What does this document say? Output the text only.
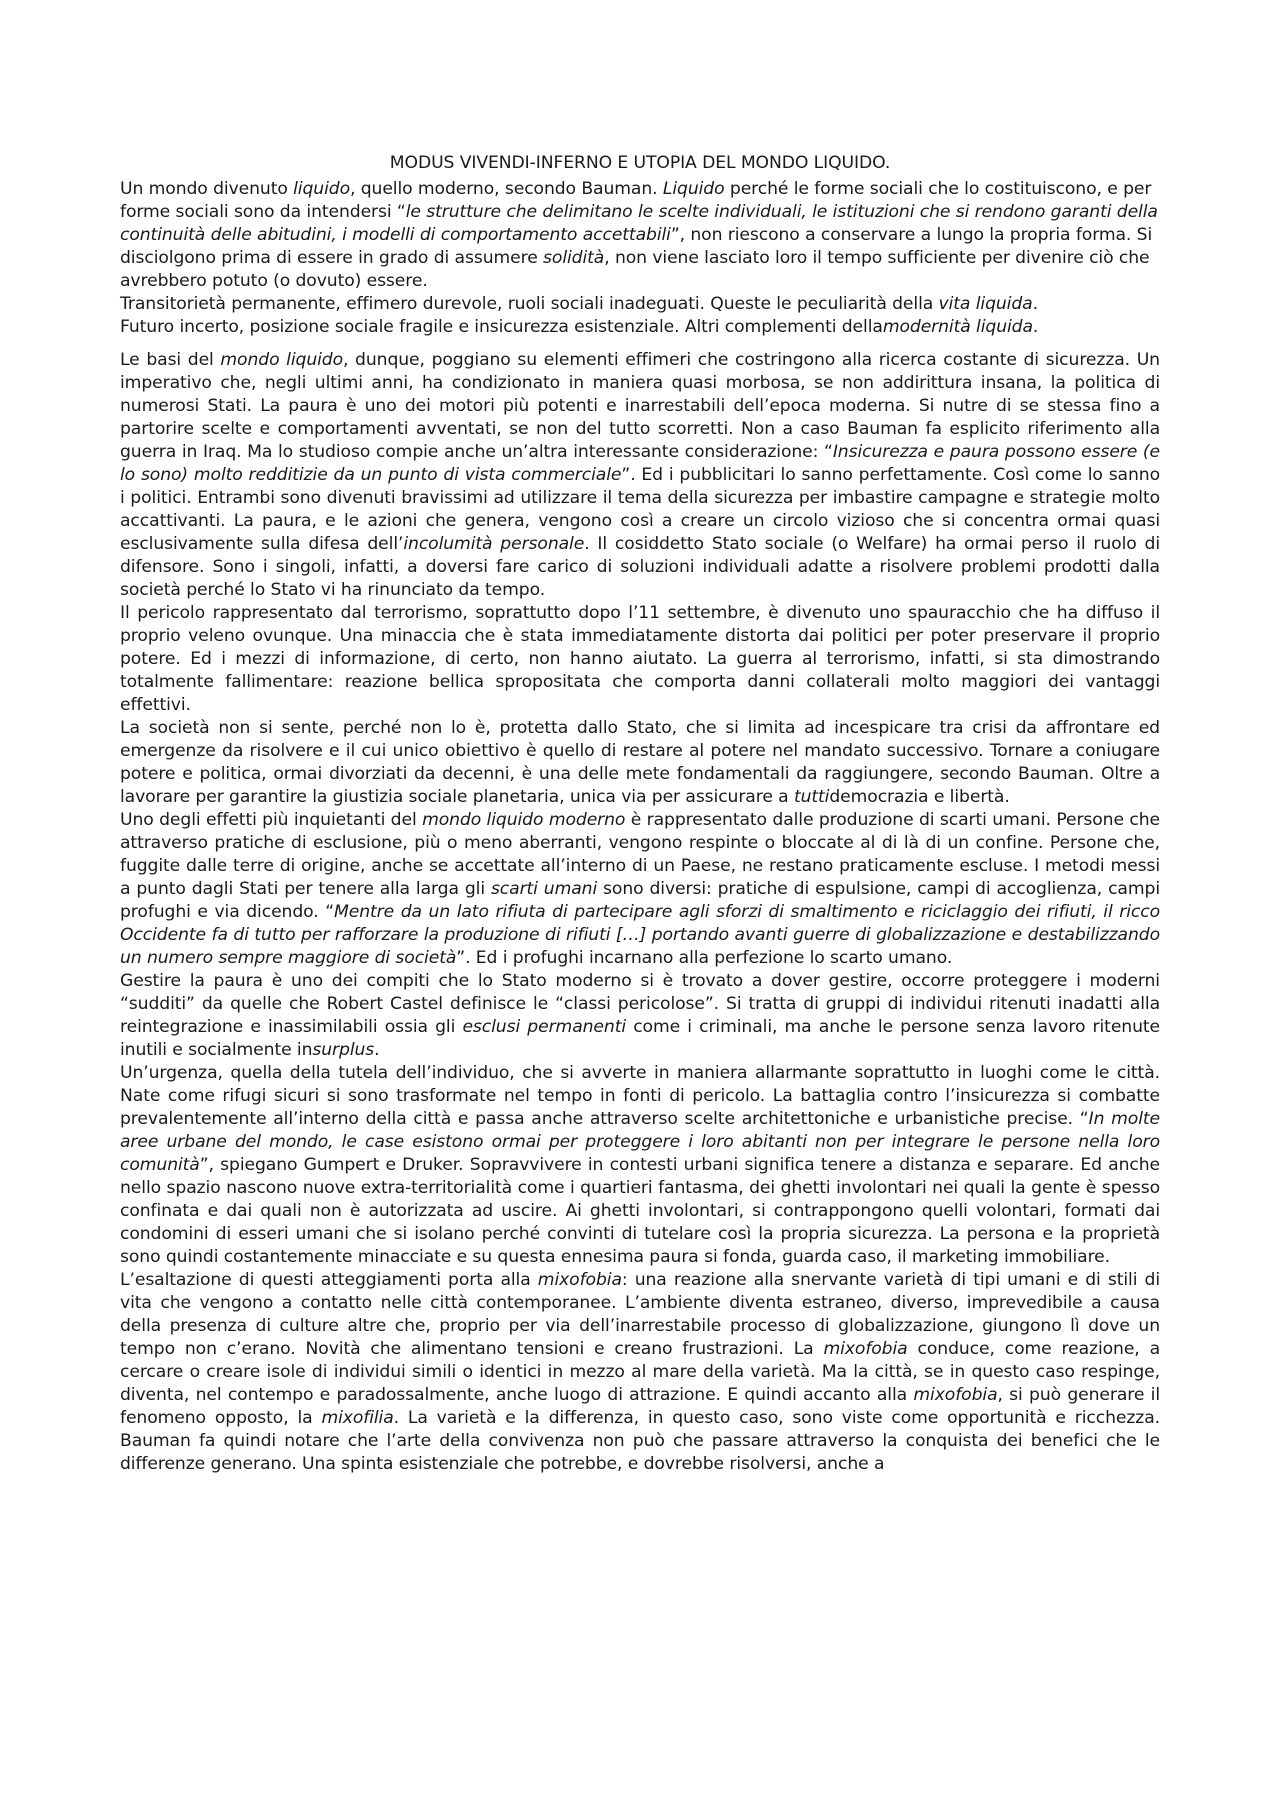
MODUS VIVENDI-INFERNO E UTOPIA DEL MONDO LIQUIDO.

Un mondo divenuto liquido, quello moderno, secondo Bauman. Liquido perché le forme sociali che lo costituiscono, e per forme sociali sono da intendersi “le strutture che delimitano le scelte individuali, le istituzioni che si rendono garanti della continuità delle abitudini, i modelli di comportamento accettabili”, non riescono a conservare a lungo la propria forma. Si disciolgono prima di essere in grado di assumere solidità, non viene lasciato loro il tempo sufficiente per divenire ciò che avrebbero potuto (o dovuto) essere.

Transitorietà permanente, effimero durevole, ruoli sociali inadeguati. Queste le peculiarità della vita liquida.

Futuro incerto, posizione sociale fragile e insicurezza esistenziale. Altri complementi dellamodernità liquida.

Le basi del mondo liquido, dunque, poggiano su elementi effimeri che costringono alla ricerca costante di sicurezza. Un imperativo che, negli ultimi anni, ha condizionato in maniera quasi morbosa, se non addirittura insana, la politica di numerosi Stati. La paura è uno dei motori più potenti e inarrestabili dell’epoca moderna. Si nutre di se stessa fino a partorire scelte e comportamenti avventati, se non del tutto scorretti. Non a caso Bauman fa esplicito riferimento alla guerra in Iraq. Ma lo studioso compie anche un’altra interessante considerazione: “Insicurezza e paura possono essere (e lo sono) molto redditizie da un punto di vista commerciale”. Ed i pubblicitari lo sanno perfettamente. Così come lo sanno i politici. Entrambi sono divenuti bravissimi ad utilizzare il tema della sicurezza per imbastire campagne e strategie molto accattivanti. La paura, e le azioni che genera, vengono così a creare un circolo vizioso che si concentra ormai quasi esclusivamente sulla difesa dell’incolumità personale. Il cosiddetto Stato sociale (o Welfare) ha ormai perso il ruolo di difensore. Sono i singoli, infatti, a doversi fare carico di soluzioni individuali adatte a risolvere problemi prodotti dalla società perché lo Stato vi ha rinunciato da tempo.

Il pericolo rappresentato dal terrorismo, soprattutto dopo l’11 settembre, è divenuto uno spauracchio che ha diffuso il proprio veleno ovunque. Una minaccia che è stata immediatamente distorta dai politici per poter preservare il proprio potere. Ed i mezzi di informazione, di certo, non hanno aiutato. La guerra al terrorismo, infatti, si sta dimostrando totalmente fallimentare: reazione bellica spropositata che comporta danni collaterali molto maggiori dei vantaggi effettivi.

La società non si sente, perché non lo è, protetta dallo Stato, che si limita ad incespicare tra crisi da affrontare ed emergenze da risolvere e il cui unico obiettivo è quello di restare al potere nel mandato successivo. Tornare a coniugare potere e politica, ormai divorziati da decenni, è una delle mete fondamentali da raggiungere, secondo Bauman. Oltre a lavorare per garantire la giustizia sociale planetaria, unica via per assicurare a tuttidemocrazia e libertà.

Uno degli effetti più inquietanti del mondo liquido moderno è rappresentato dalle produzione di scarti umani. Persone che attraverso pratiche di esclusione, più o meno aberranti, vengono respinte o bloccate al di là di un confine. Persone che, fuggite dalle terre di origine, anche se accettate all’interno di un Paese, ne restano praticamente escluse. I metodi messi a punto dagli Stati per tenere alla larga gli scarti umani sono diversi: pratiche di espulsione, campi di accoglienza, campi profughi e via dicendo. “Mentre da un lato rifiuta di partecipare agli sforzi di smaltimento e riciclaggio dei rifiuti, il ricco Occidente fa di tutto per rafforzare la produzione di rifiuti […] portando avanti guerre di globalizzazione e destabilizzando un numero sempre maggiore di società”. Ed i profughi incarnano alla perfezione lo scarto umano.

Gestire la paura è uno dei compiti che lo Stato moderno si è trovato a dover gestire, occorre proteggere i moderni “sudditi” da quelle che Robert Castel definisce le “classi pericolose”. Si tratta di gruppi di individui ritenuti inadatti alla reintegrazione e inassimilabili ossia gli esclusi permanenti come i criminali, ma anche le persone senza lavoro ritenute inutili e socialmente insurplus.

Un’urgenza, quella della tutela dell’individuo, che si avverte in maniera allarmante soprattutto in luoghi come le città. Nate come rifugi sicuri si sono trasformate nel tempo in fonti di pericolo. La battaglia contro l’insicurezza si combatte prevalentemente all’interno della città e passa anche attraverso scelte architettoniche e urbanistiche precise. “In molte aree urbane del mondo, le case esistono ormai per proteggere i loro abitanti non per integrare le persone nella loro comunità”, spiegano Gumpert e Druker. Sopravvivere in contesti urbani significa tenere a distanza e separare. Ed anche nello spazio nascono nuove extra-territorialità come i quartieri fantasma, dei ghetti involontari nei quali la gente è spesso confinata e dai quali non è autorizzata ad uscire. Ai ghetti involontari, si contrappongono quelli volontari, formati dai condomini di esseri umani che si isolano perché convinti di tutelare così la propria sicurezza. La persona e la proprietà sono quindi costantemente minacciate e su questa ennesima paura si fonda, guarda caso, il marketing immobiliare.

L’esaltazione di questi atteggiamenti porta alla mixofobia: una reazione alla snervante varietà di tipi umani e di stili di vita che vengono a contatto nelle città contemporanee. L’ambiente diventa estraneo, diverso, imprevedibile a causa della presenza di culture altre che, proprio per via dell’inarrestabile processo di globalizzazione, giungono lì dove un tempo non c’erano. Novità che alimentano tensioni e creano frustrazioni. La mixofobia conduce, come reazione, a cercare o creare isole di individui simili o identici in mezzo al mare della varietà. Ma la città, se in questo caso respinge, diventa, nel contempo e paradossalmente, anche luogo di attrazione. E quindi accanto alla mixofobia, si può generare il fenomeno opposto, la mixofilia. La varietà e la differenza, in questo caso, sono viste come opportunità e ricchezza. Bauman fa quindi notare che l’arte della convivenza non può che passare attraverso la conquista dei benefici che le differenze generano. Una spinta esistenziale che potrebbe, e dovrebbe risolversi, anche a
